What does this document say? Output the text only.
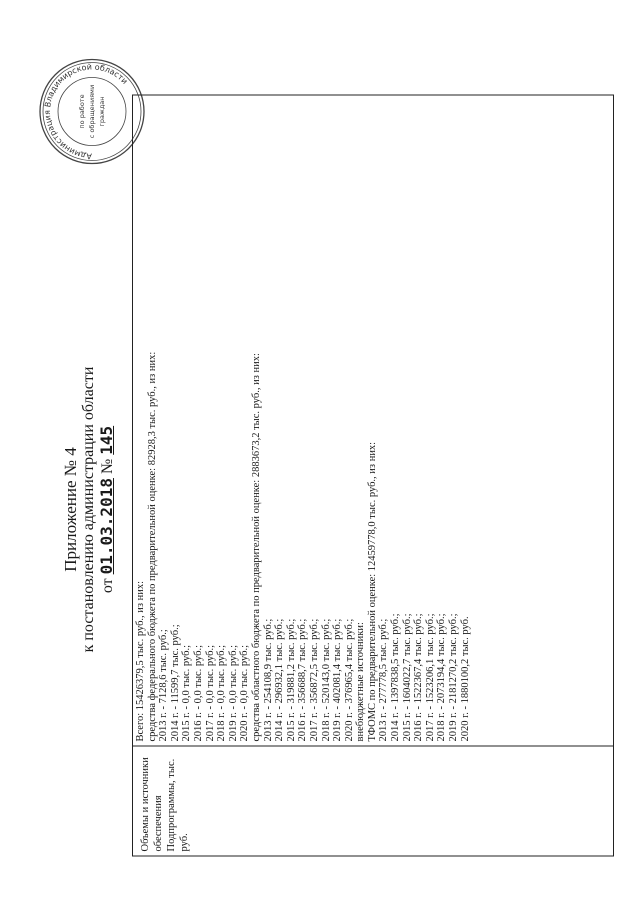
Приложение № 4 к постановлению администрации области от 01.03.2018 № 145
Администрация Владимирской области
по работе с обращениями граждан
Объемы и источники обеспечения Подпрограммы, тыс. руб.
Всего: 15426379,5 тыс. руб., из них: средства федерального бюджета по предварительной оценке: 82928,3 тыс. руб., из них: 2013 г. - 7128,6 тыс. руб.; 2014 г. - 11599,7 тыс. руб.; 2015 г. - 0,0 тыс. руб.; 2016 г. - 0,0 тыс. руб.; 2017 г. - 0,0 тыс. руб.; 2018 г. - 0,0 тыс. руб.; 2019 г. - 0,0 тыс. руб.; 2020 г. - 0,0 тыс. руб.; средства областного бюджета по предварительной оценке: 2883673,2 тыс. руб., из них: 2013 г. - 254108,9 тыс. руб.; 2014 г. - 296932,1 тыс. руб.; 2015 г. - 319881,2 тыс. руб.; 2016 г. - 356688,7 тыс. руб.; 2017 г. - 356872,5 тыс. руб.; 2018 г. - 520143,0 тыс. руб.; 2019 г. - 402081,4 тыс. руб.; 2020 г. - 376965,4 тыс. руб.; внебюджетные источники: ТФОМС по предварительной оценке: 12459778,0 тыс. руб., из них: 2013 г. - 277778,5 тыс. руб.; 2014 г. - 1397838,5 тыс. руб.; 2015 г. - 1604022,7 тыс. руб.; 2016 г. - 1522367,4 тыс. руб.; 2017 г. - 1523206,1 тыс. руб.; 2018 г. - 2073194,4 тыс. руб.; 2019 г. - 2181270,2 тыс. руб.; 2020 г. - 1880100,2 тыс. руб.
